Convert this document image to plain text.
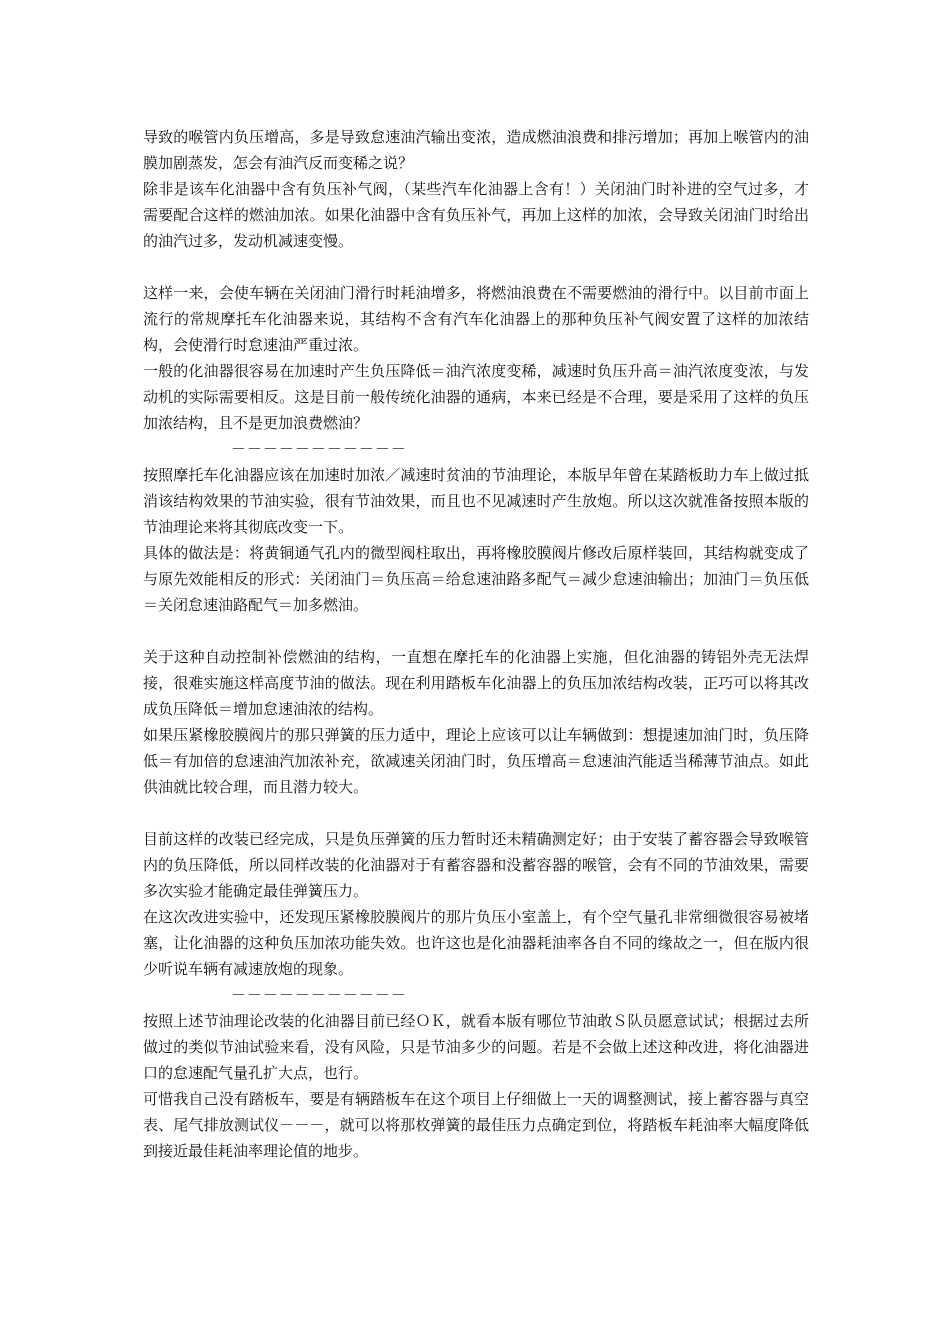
导致的喉管内负压增高，多是导致怠速油汽输出变浓，造成燃油浪费和排污增加；再加上喉管内的油膜加剧蒸发，怎会有油汽反而变稀之说？

除非是该车化油器中含有负压补气阀，（某些汽车化油器上含有！）关闭油门时补进的空气过多，才需要配合这样的燃油加浓。如果化油器中含有负压补气，再加上这样的加浓，会导致关闭油门时给出的油汽过多，发动机减速变慢。

这样一来，会使车辆在关闭油门滑行时耗油增多，将燃油浪费在不需要燃油的滑行中。以目前市面上流行的常规摩托车化油器来说，其结构不含有汽车化油器上的那种负压补气阀安置了这样的加浓结构，会使滑行时怠速油严重过浓。

一般的化油器很容易在加速时产生负压降低＝油汽浓度变稀，减速时负压升高＝油汽浓度变浓，与发动机的实际需要相反。这是目前一般传统化油器的通病，本来已经是不合理，要是采用了这样的负压加浓结构，且不是更加浪费燃油？

－－－－－－－－－－－

按照摩托车化油器应该在加速时加浓／减速时贫油的节油理论，本版早年曾在某踏板助力车上做过抵消该结构效果的节油实验，很有节油效果，而且也不见减速时产生放炮。所以这次就准备按照本版的节油理论来将其彻底改变一下。

具体的做法是：将黄铜通气孔内的微型阀柱取出，再将橡胶膜阀片修改后原样装回，其结构就变成了与原先效能相反的形式：关闭油门＝负压高＝给怠速油路多配气＝减少怠速油输出；加油门＝负压低＝关闭怠速油路配气＝加多燃油。

关于这种自动控制补偿燃油的结构，一直想在摩托车的化油器上实施，但化油器的铸铝外壳无法焊接，很难实施这样高度节油的做法。现在利用踏板车化油器上的负压加浓结构改装，正巧可以将其改成负压降低＝增加怠速油浓的结构。

如果压紧橡胶膜阀片的那只弹簧的压力适中，理论上应该可以让车辆做到：想提速加油门时，负压降低＝有加倍的怠速油汽加浓补充，欲减速关闭油门时，负压增高＝怠速油汽能适当稀薄节油点。如此供油就比较合理，而且潜力较大。

目前这样的改装已经完成，只是负压弹簧的压力暂时还未精确测定好；由于安装了蓄容器会导致喉管内的负压降低，所以同样改装的化油器对于有蓄容器和没蓄容器的喉管，会有不同的节油效果，需要多次实验才能确定最佳弹簧压力。

在这次改进实验中，还发现压紧橡胶膜阀片的那片负压小室盖上，有个空气量孔非常细微很容易被堵塞，让化油器的这种负压加浓功能失效。也许这也是化油器耗油率各自不同的缘故之一，但在版内很少听说车辆有减速放炮的现象。

－－－－－－－－－－－

按照上述节油理论改装的化油器目前已经ＯＫ，就看本版有哪位节油敢Ｓ队员愿意试试；根据过去所做过的类似节油试验来看，没有风险，只是节油多少的问题。若是不会做上述这种改进，将化油器进口的怠速配气量孔扩大点，也行。

可惜我自己没有踏板车，要是有辆踏板车在这个项目上仔细做上一天的调整测试，接上蓄容器与真空表、尾气排放测试仪－－－，就可以将那枚弹簧的最佳压力点确定到位，将踏板车耗油率大幅度降低到接近最佳耗油率理论值的地步。
